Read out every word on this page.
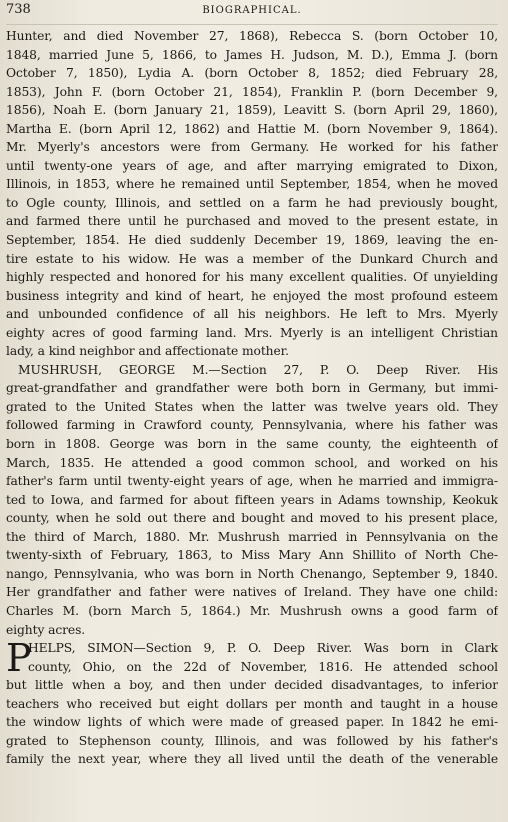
738	BIOGRAPHICAL.
Hunter, and died November 27, 1868), Rebecca S. (born October 10,
1848, married June 5, 1866, to James H. Judson, M. D.), Emma J. (born
October 7, 1850), Lydia A. (born October 8, 1852; died February 28,
1853), John F. (born October 21, 1854), Franklin P. (born December 9,
1856), Noah E. (born January 21, 1859), Leavitt S. (born April 29, 1860),
Martha E. (born April 12, 1862) and Hattie M. (born November 9, 1864).
Mr. Myerly's ancestors were from Germany. He worked for his father
until twenty-one years of age, and after marrying emigrated to Dixon,
Illinois, in 1853, where he remained until September, 1854, when he moved
to Ogle county, Illinois, and settled on a farm he had previously bought,
and farmed there until he purchased and moved to the present estate, in
September, 1854. He died suddenly December 19, 1869, leaving the en-
tire estate to his widow. He was a member of the Dunkard Church and
highly respected and honored for his many excellent qualities. Of unyielding
business integrity and kind of heart, he enjoyed the most profound esteem
and unbounded confidence of all his neighbors. He left to Mrs. Myerly
eighty acres of good farming land. Mrs. Myerly is an intelligent Christian
lady, a kind neighbor and affectionate mother.
MUSHRUSH, GEORGE M.—Section 27, P. O. Deep River. His
great-grandfather and grandfather were both born in Germany, but immi-
grated to the United States when the latter was twelve years old. They
followed farming in Crawford county, Pennsylvania, where his father was
born in 1808. George was born in the same county, the eighteenth of
March, 1835. He attended a good common school, and worked on his
father's farm until twenty-eight years of age, when he married and immigra-
ted to Iowa, and farmed for about fifteen years in Adams township, Keokuk
county, when he sold out there and bought and moved to his present place,
the third of March, 1880. Mr. Mushrush married in Pennsylvania on the
twenty-sixth of February, 1863, to Miss Mary Ann Shillito of North Che-
nango, Pennsylvania, who was born in North Chenango, September 9, 1840.
Her grandfather and father were natives of Ireland. They have one child:
Charles M. (born March 5, 1864.) Mr. Mushrush owns a good farm of
eighty acres.
P
HELPS, SIMON—Section 9, P. O. Deep River. Was born in Clark
county, Ohio, on the 22d of November, 1816. He attended school
but little when a boy, and then under decided disadvantages, to inferior
teachers who received but eight dollars per month and taught in a house
the window lights of which were made of greased paper. In 1842 he emi-
grated to Stephenson county, Illinois, and was followed by his father's
family the next year, where they all lived until the death of the venerable
